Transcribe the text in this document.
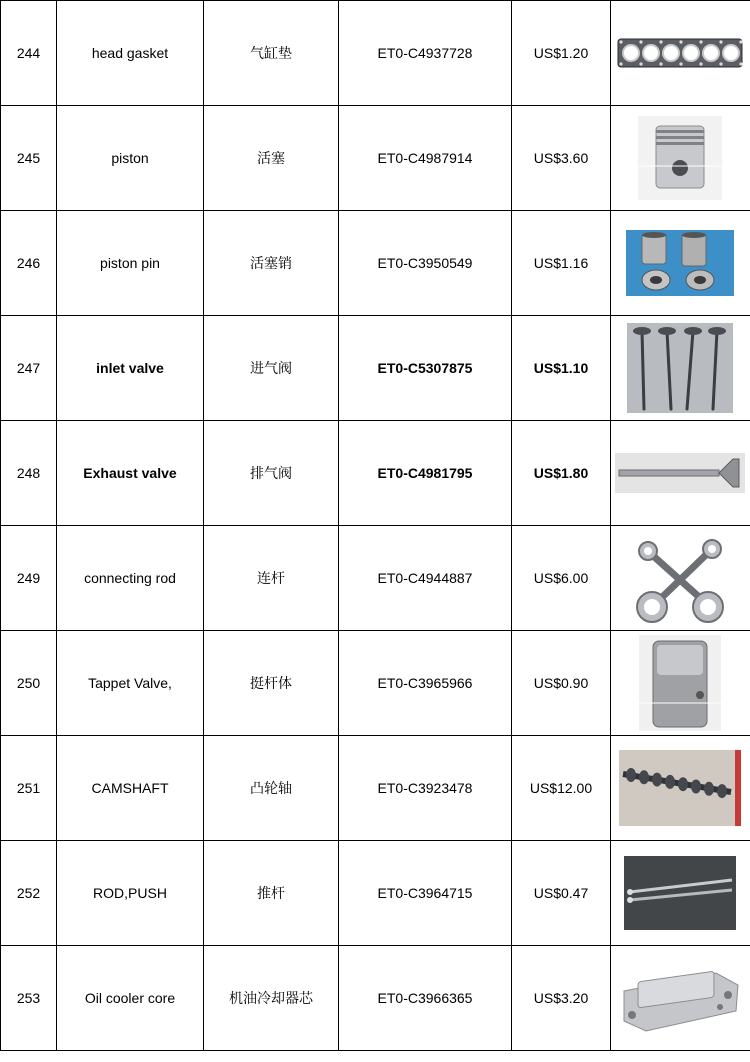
244	head gasket	气缸垫	ET0-C4937728	US$1.20	

245	piston	活塞	ET0-C4987914	US$3.60	

246	piston pin	活塞销	ET0-C3950549	US$1.16	

247	inlet valve	进气阀	ET0-C5307875	US$1.10	

248	Exhaust valve	排气阀	ET0-C4981795	US$1.80	

249	connecting rod	连杆	ET0-C4944887	US$6.00	

250	Tappet Valve,	挺杆体	ET0-C3965966	US$0.90	

251	CAMSHAFT	凸轮轴	ET0-C3923478	US$12.00	

252	ROD,PUSH	推杆	ET0-C3964715	US$0.47	

253	Oil cooler core	机油冷却器芯	ET0-C3966365	US$3.20	
